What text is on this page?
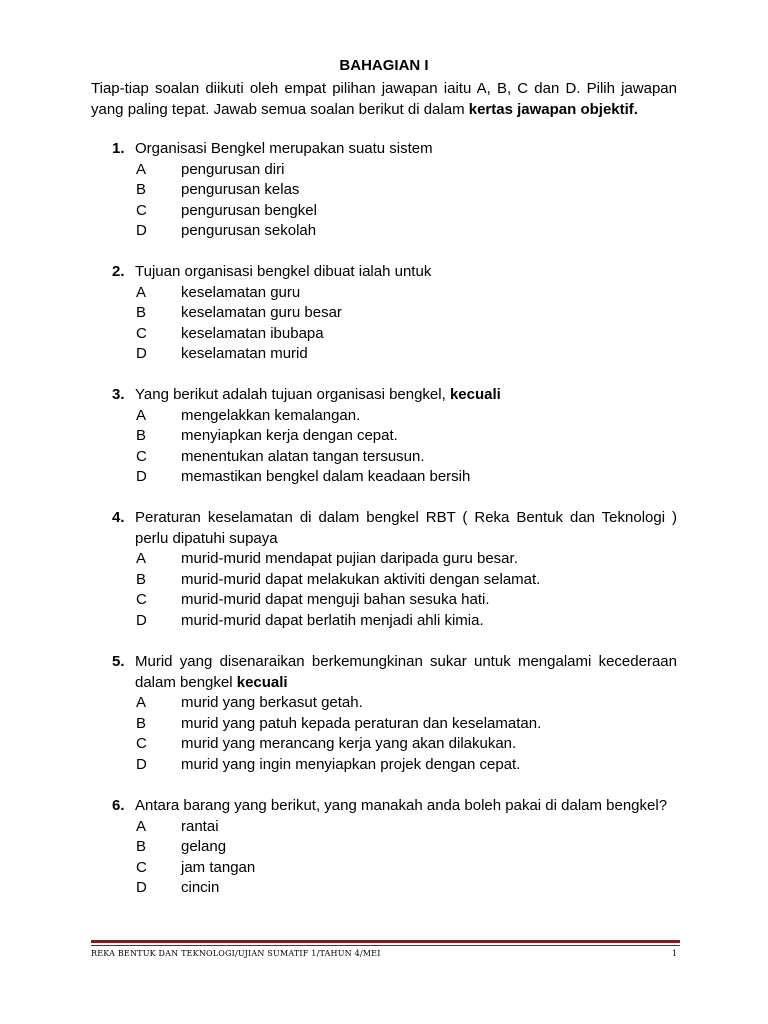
BAHAGIAN I
Tiap-tiap soalan diikuti oleh empat pilihan jawapan iaitu A, B, C dan D. Pilih jawapan yang paling tepat. Jawab semua soalan berikut di dalam kertas jawapan objektif.
1. Organisasi Bengkel merupakan suatu sistem
A pengurusan diri
B pengurusan kelas
C pengurusan bengkel
D pengurusan sekolah
2. Tujuan organisasi bengkel dibuat ialah untuk
A keselamatan guru
B keselamatan guru besar
C keselamatan ibubapa
D keselamatan murid
3. Yang berikut adalah tujuan organisasi bengkel, kecuali
A mengelakkan kemalangan.
B menyiapkan kerja dengan cepat.
C menentukan alatan tangan tersusun.
D memastikan bengkel dalam keadaan bersih
4. Peraturan keselamatan di dalam bengkel RBT ( Reka Bentuk dan Teknologi ) perlu dipatuhi supaya
A murid-murid mendapat pujian daripada guru besar.
B murid-murid dapat melakukan aktiviti dengan selamat.
C murid-murid dapat menguji bahan sesuka hati.
D murid-murid dapat berlatih menjadi ahli kimia.
5. Murid yang disenaraikan berkemungkinan sukar untuk mengalami kecederaan dalam bengkel kecuali
A murid yang berkasut getah.
B murid yang patuh kepada peraturan dan keselamatan.
C murid yang merancang kerja yang akan dilakukan.
D murid yang ingin menyiapkan projek dengan cepat.
6. Antara barang yang berikut, yang manakah anda boleh pakai di dalam bengkel?
A rantai
B gelang
C jam tangan
D cincin
REKA BENTUK DAN TEKNOLOGI/UJIAN SUMATIF 1/TAHUN 4/MEI	1
